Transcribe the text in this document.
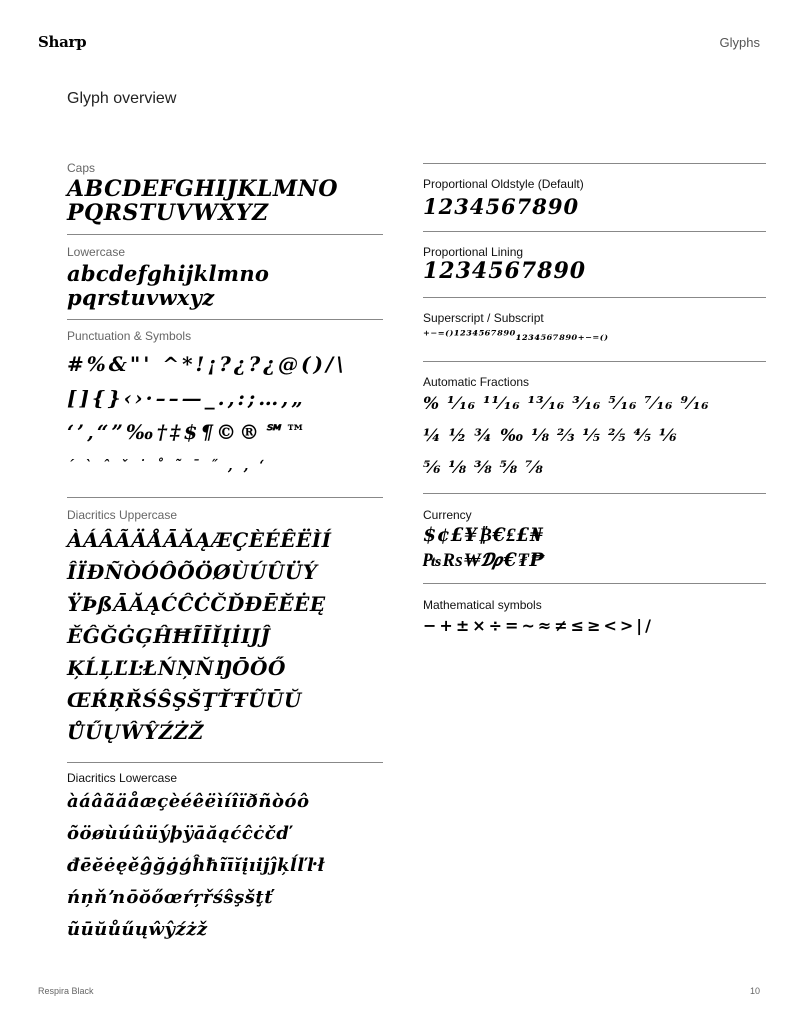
Sharp	Glyphs
Glyph overview
Caps
ABCDEFGHIJKLMNO
PQRSTUVWXYZ
Lowercase
abcdefghijklmno
pqrstuvwxyz
Punctuation & Symbols
#%&"' ^*!¡?¿?¿@()/\
[]{}‹›·––—_.,:;…,„
‘’‚“”‰†‡$¶©®℠™
´ ` ˆ ˇ ˙ ˚ ˜ ¯ ˝ , , ‘
Diacritics Uppercase
ÀÁÂÃÄÅĀĂĄÆÇÈÉÊËÌÍ
ÎÏÐÑÒÓÔÕÖØÙÚÛÜÝ
ŸÞßĀĂĄĆĈĊČĎĐĒĔĖĘ
ĚĜĞĠĢĤĦĨĪĬĮİĲĴ
ĶĹĻĽĿŁŃŅŇŊŌŎŐ
ŒŔŖŘŚŜŞŠŢŤŦŨŪŬ
ŮŰŲŴŶŹŻŽ
Diacritics Lowercase
àáâãäåæçèéêëìíîïðñòóô
õöøùúûüýþÿāăąćĉċčď
đēĕėęěĝğġģĥħĩīĭįıĳĵķĺľŀł
ńņňŉōŏőœŕŗřśŝşšţť
ũūŭůűųŵŷźżž
Proportional Oldstyle (Default)
1234567890
Proportional Lining
1234567890
Superscript / Subscript
⁺⁻⁼⁽⁾¹²³⁴⁵⁶⁷⁸⁹⁰₁₂₃₄₅₆₇₈₉₀₊₋₌₍₎
Automatic Fractions
% ¹⁄₁₆ ¹¹⁄₁₆ ¹³⁄₁₆ ³⁄₁₆ ⁵⁄₁₆ ⁷⁄₁₆ ⁹⁄₁₆
¼ ½ ¾ ‰ ⅛ ⅔ ⅕ ⅖ ⅘ ⅙
⅚ ⅛ ⅜ ⅝ ⅞
Currency
$¢£¥₿€₤£₦
₧₨₩₯€₮₱
Mathematical symbols
−+±×÷=~≈≠≤≥<>|/
Respira Black	10
